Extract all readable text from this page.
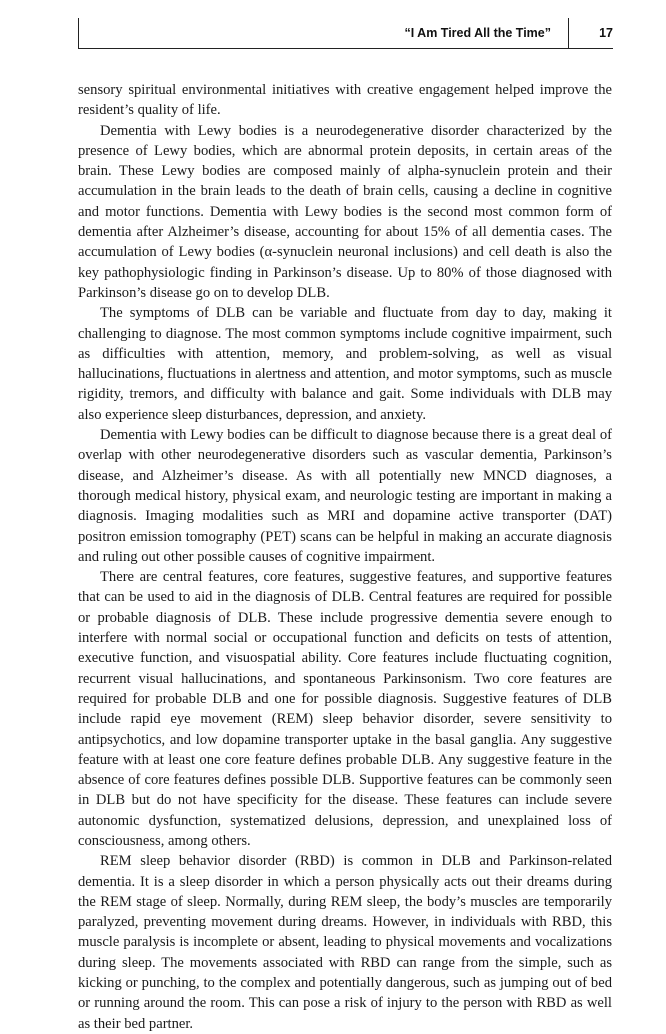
“I Am Tired All the Time”	17

sensory spiritual environmental initiatives with creative engagement helped improve the resident’s quality of life.

Dementia with Lewy bodies is a neurodegenerative disorder characterized by the presence of Lewy bodies, which are abnormal protein deposits, in certain areas of the brain. These Lewy bodies are composed mainly of alpha-synuclein protein and their accumulation in the brain leads to the death of brain cells, causing a decline in cognitive and motor functions. Dementia with Lewy bodies is the second most common form of dementia after Alzheimer’s disease, accounting for about 15% of all dementia cases. The accumulation of Lewy bodies (α-synuclein neuronal inclusions) and cell death is also the key pathophysiologic finding in Parkinson’s disease. Up to 80% of those diagnosed with Parkinson’s disease go on to develop DLB.

The symptoms of DLB can be variable and fluctuate from day to day, making it challenging to diagnose. The most common symptoms include cognitive impairment, such as difficulties with attention, memory, and problem-solving, as well as visual hallucinations, fluctuations in alertness and attention, and motor symptoms, such as muscle rigidity, tremors, and difficulty with balance and gait. Some individuals with DLB may also experience sleep disturbances, depression, and anxiety.

Dementia with Lewy bodies can be difficult to diagnose because there is a great deal of overlap with other neurodegenerative disorders such as vascular dementia, Parkinson’s disease, and Alzheimer’s disease. As with all potentially new MNCD diagnoses, a thorough medical history, physical exam, and neurologic testing are important in making a diagnosis. Imaging modalities such as MRI and dopamine active transporter (DAT) positron emission tomography (PET) scans can be helpful in making an accurate diagnosis and ruling out other possible causes of cognitive impairment.

There are central features, core features, suggestive features, and supportive features that can be used to aid in the diagnosis of DLB. Central features are required for possible or probable diagnosis of DLB. These include progressive dementia severe enough to interfere with normal social or occupational function and deficits on tests of attention, executive function, and visuospatial ability. Core features include fluctuating cognition, recurrent visual hallucinations, and spontaneous Parkinsonism. Two core features are required for probable DLB and one for possible diagnosis. Suggestive features of DLB include rapid eye movement (REM) sleep behavior disorder, severe sensitivity to antipsychotics, and low dopamine transporter uptake in the basal ganglia. Any suggestive feature with at least one core feature defines probable DLB. Any suggestive feature in the absence of core features defines possible DLB. Supportive features can be commonly seen in DLB but do not have specificity for the disease. These features can include severe autonomic dysfunction, systematized delusions, depression, and unexplained loss of consciousness, among others.

REM sleep behavior disorder (RBD) is common in DLB and Parkinson-related dementia. It is a sleep disorder in which a person physically acts out their dreams during the REM stage of sleep. Normally, during REM sleep, the body’s muscles are temporarily paralyzed, preventing movement during dreams. However, in individuals with RBD, this muscle paralysis is incomplete or absent, leading to physical movements and vocalizations during sleep. The movements associated with RBD can range from the simple, such as kicking or punching, to the complex and potentially dangerous, such as jumping out of bed or running around the room. This can pose a risk of injury to the person with RBD as well as their bed partner.
